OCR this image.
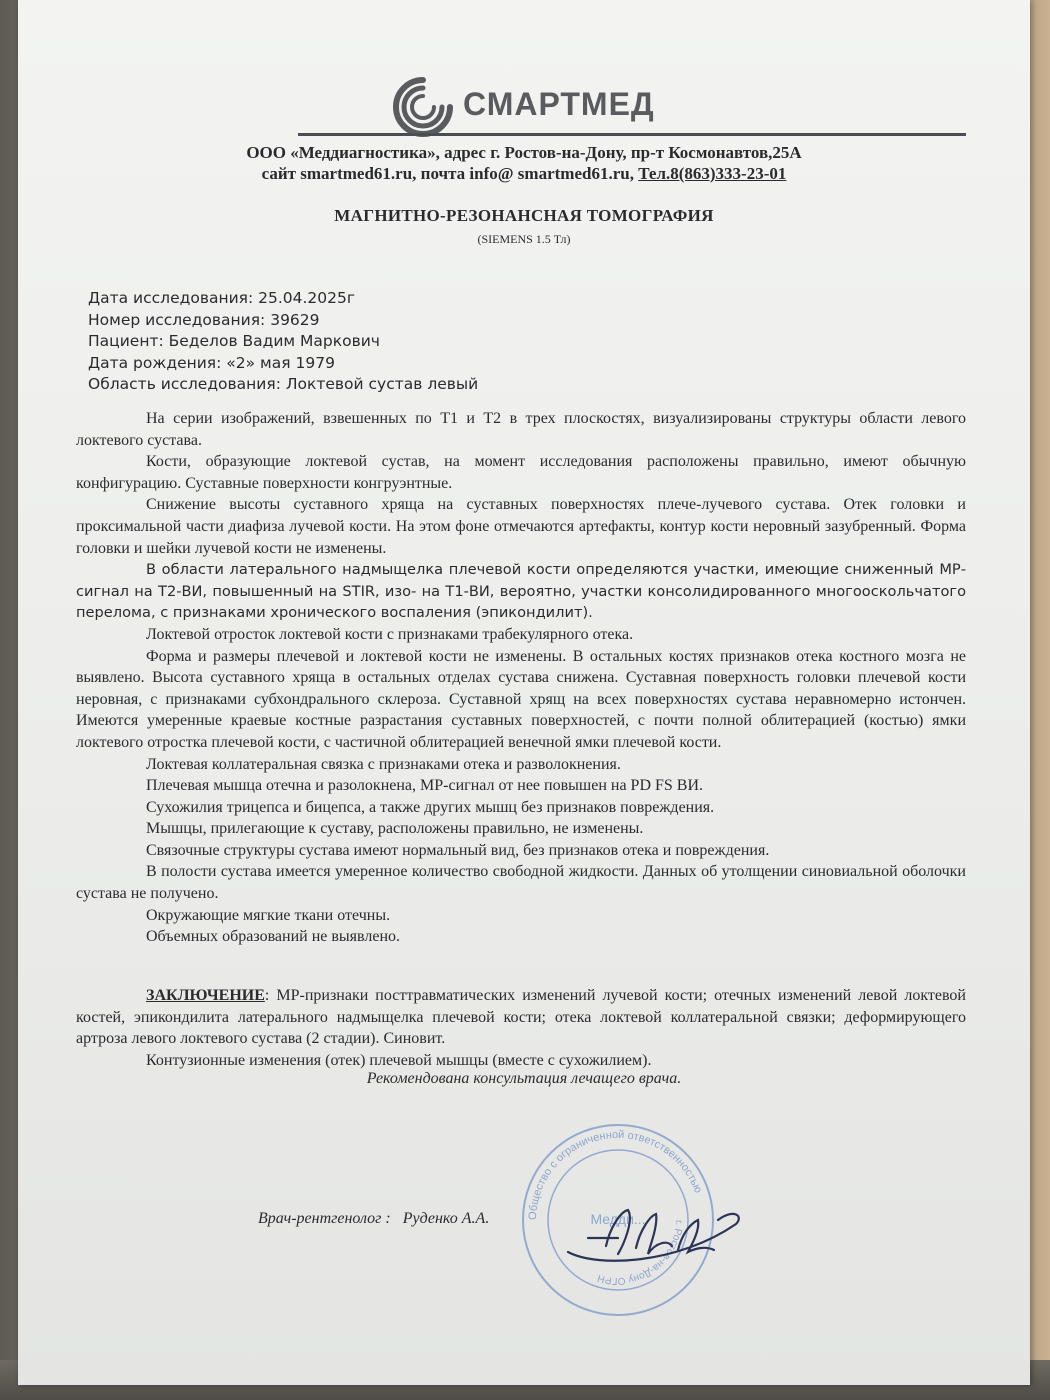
СМАРТМЕД
ООО «Меддиагностика», адрес г. Ростов-на-Дону, пр-т Космонавтов,25А
сайт smartmed61.ru, почта info@ smartmed61.ru, Тел.8(863)333-23-01
МАГНИТНО-РЕЗОНАНСНАЯ ТОМОГРАФИЯ
(SIEMENS 1.5 Тл)
Дата исследования: 25.04.2025г
Номер исследования: 39629
Пациент: Беделов Вадим Маркович
Дата рождения: «2» мая 1979
Область исследования: Локтевой сустав левый

На серии изображений, взвешенных по T1 и T2 в трех плоскостях, визуализированы структуры области левого локтевого сустава.

Кости, образующие локтевой сустав, на момент исследования расположены правильно, имеют обычную конфигурацию. Суставные поверхности конгруэнтные.

Снижение высоты суставного хряща на суставных поверхностях плече-лучевого сустава. Отек головки и проксимальной части диафиза лучевой кости. На этом фоне отмечаются артефакты, контур кости неровный зазубренный. Форма головки и шейки лучевой кости не изменены.

В области латерального надмыщелка плечевой кости определяются участки, имеющие сниженный МР-сигнал на Т2-ВИ, повышенный на STIR, изо- на Т1-ВИ, вероятно, участки консолидированного многооскольчатого перелома, с признаками хронического воспаления (эпикондилит).

Локтевой отросток локтевой кости с признаками трабекулярного отека.

Форма и размеры плечевой и локтевой кости не изменены. В остальных костях признаков отека костного мозга не выявлено. Высота суставного хряща в остальных отделах сустава снижена. Суставная поверхность головки плечевой кости неровная, с признаками субхондрального склероза. Суставной хрящ на всех поверхностях сустава неравномерно истончен. Имеются умеренные краевые костные разрастания суставных поверхностей, с почти полной облитерацией (костью) ямки локтевого отростка плечевой кости, с частичной облитерацией венечной ямки плечевой кости.

Локтевая коллатеральная связка с признаками отека и разволокнения.

Плечевая мышца отечна и разолокнена, МР-сигнал от нее повышен на PD FS ВИ.

Сухожилия трицепса и бицепса, а также других мышц без признаков повреждения.

Мышцы, прилегающие к суставу, расположены правильно, не изменены.

Связочные структуры сустава имеют нормальный вид, без признаков отека и повреждения.

В полости сустава имеется умеренное количество свободной жидкости. Данных об утолщении синовиальной оболочки сустава не получено.

Окружающие мягкие ткани отечны.

Объемных образований не выявлено.

ЗАКЛЮЧЕНИЕ: МР-признаки посттравматических изменений лучевой кости; отечных изменений левой локтевой костей, эпикондилита латерального надмыщелка плечевой кости; отека локтевой коллатеральной связки; деформирующего артроза левого локтевого сустава (2 стадии). Синовит.

Контузионные изменения (отек) плечевой мышцы (вместе с сухожилием).

Рекомендована консультация лечащего врача.
Общество с ограниченной ответственностью
г. Ростов-на-Дону ОГРН
Медди...
Врач-рентгенолог : Руденко А.А.
